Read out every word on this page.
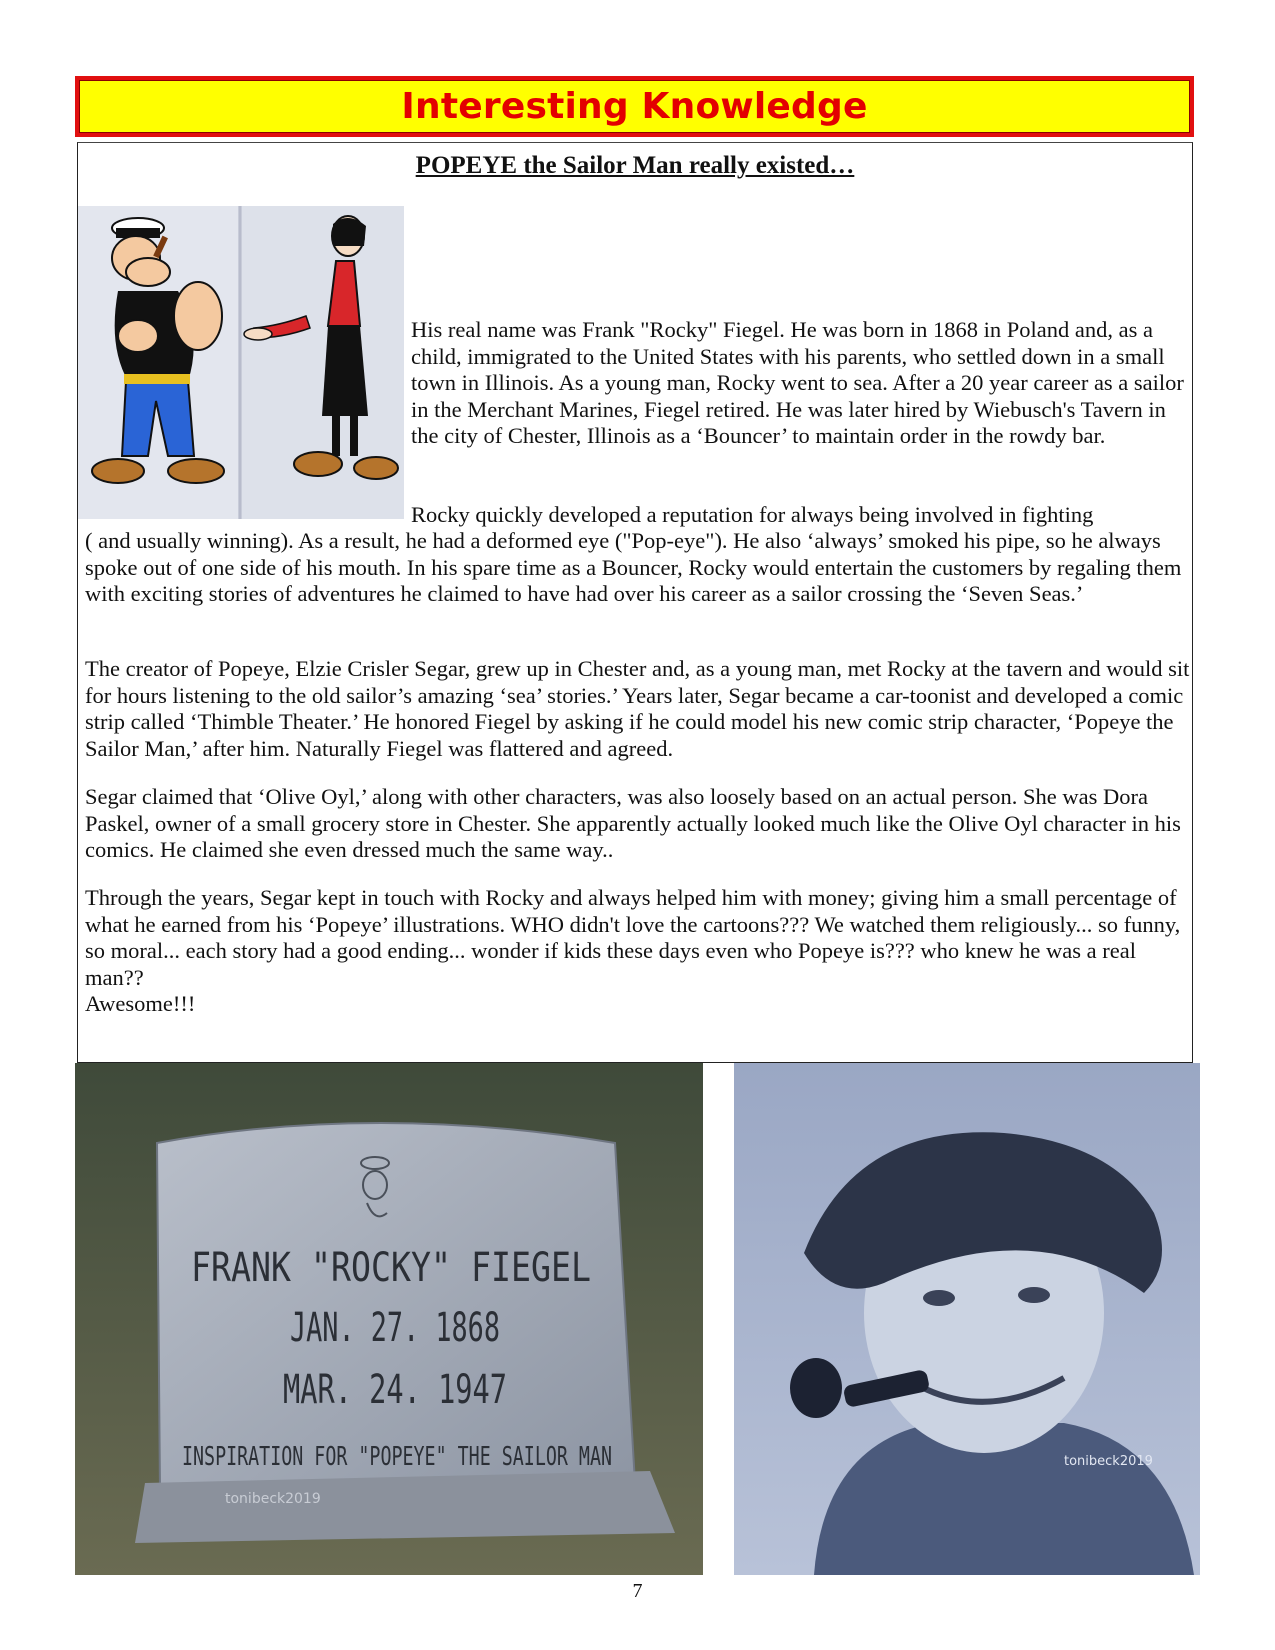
Interesting Knowledge
POPEYE the Sailor Man really existed…

His real name was Frank "Rocky" Fiegel. He was born in 1868 in Poland and, as a child, immigrated to the United States with his parents, who settled down in a small town in Illinois. As a young man, Rocky went to sea. After a 20 year career as a sailor in the Merchant Marines, Fiegel retired. He was later hired by Wiebusch's Tavern in the city of Chester, Illinois as a ‘Bouncer’ to maintain order in the rowdy bar.

Rocky quickly developed a reputation for always being involved in fighting

( and usually winning). As a result, he had a deformed eye ("Pop-eye"). He also ‘always’ smoked his pipe, so he always spoke out of one side of his mouth. In his spare time as a Bouncer, Rocky would entertain the customers by regaling them with exciting stories of adventures he claimed to have had over his career as a sailor crossing the ‘Seven Seas.’

The creator of Popeye, Elzie Crisler Segar, grew up in Chester and, as a young man, met Rocky at the tavern and would sit for hours listening to the old sailor’s amazing ‘sea’ stories.’ Years later, Segar became a car-toonist and developed a comic strip called ‘Thimble Theater.’ He honored Fiegel by asking if he could model his new comic strip character, ‘Popeye the Sailor Man,’ after him. Naturally Fiegel was flattered and agreed.

Segar claimed that ‘Olive Oyl,’ along with other characters, was also loosely based on an actual person. She was Dora Paskel, owner of a small grocery store in Chester. She apparently actually looked much like the Olive Oyl character in his comics. He claimed she even dressed much the same way..

Through the years, Segar kept in touch with Rocky and always helped him with money; giving him a small percentage of what he earned from his ‘Popeye’ illustrations. WHO didn't love the cartoons??? We watched them religiously... so funny, so moral... each story had a good ending... wonder if kids these days even who Popeye is??? who knew he was a real man??

Awesome!!!

FRANK "ROCKY" FIEGEL
JAN. 27. 1868
MAR. 24. 1947
INSPIRATION FOR "POPEYE" THE SAILOR MAN
tonibeck2019
tonibeck2019
7
